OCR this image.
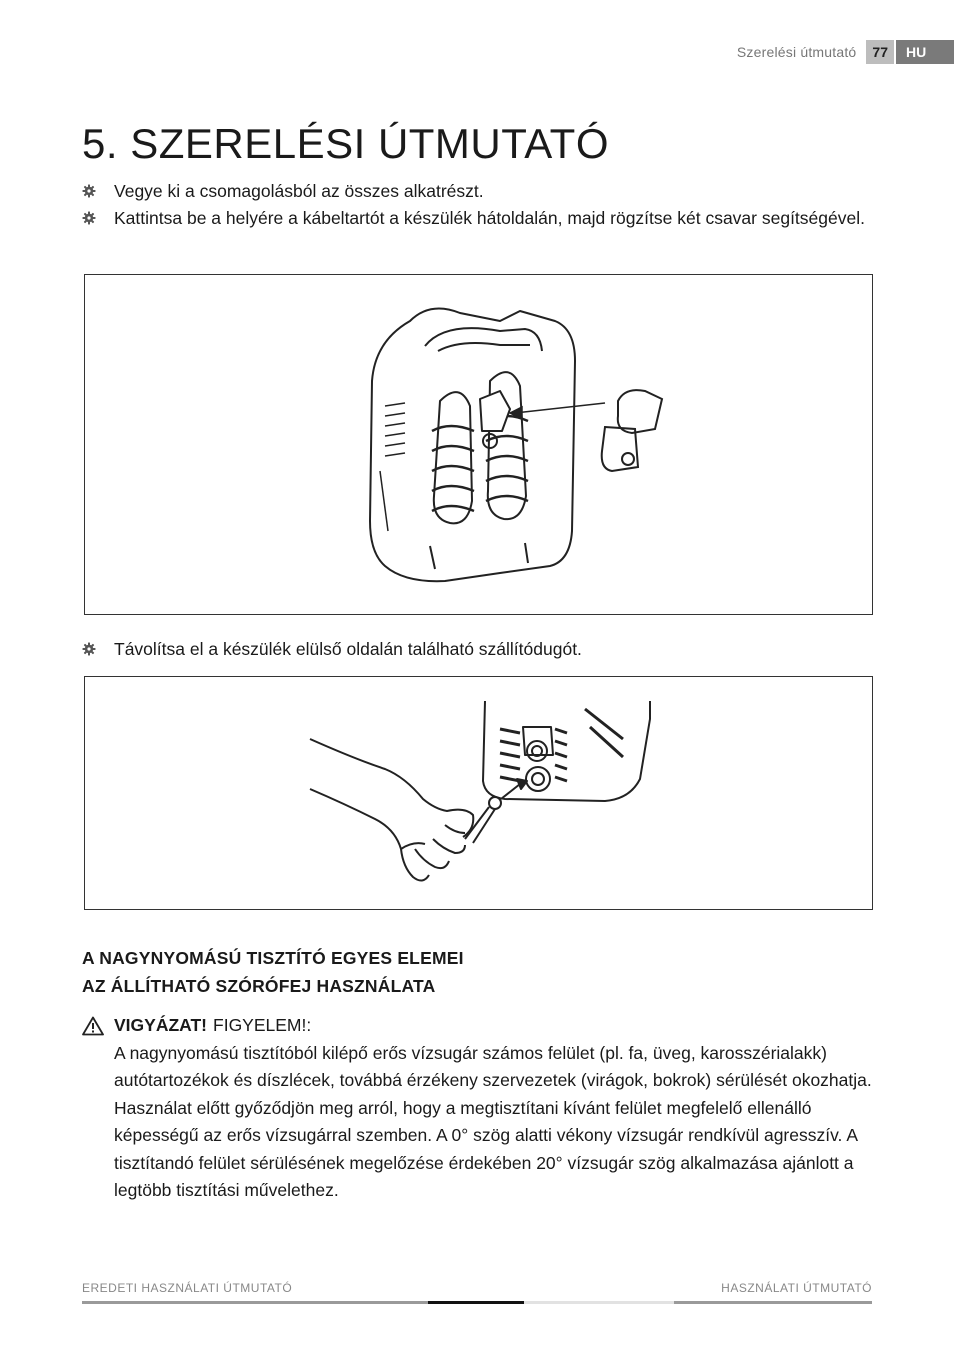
Szerelési útmutató	77	HU
5. SZERELÉSI ÚTMUTATÓ
Vegye ki a csomagolásból az összes alkatrészt.
Kattintsa be a helyére a kábeltartót a készülék hátoldalán, majd rögzítse két csavar segítségével.
Távolítsa el a készülék elülső oldalán található szállítódugót.
A NAGYNYOMÁSÚ TISZTÍTÓ EGYES ELEMEI
AZ ÁLLÍTHATÓ SZÓRÓFEJ HASZNÁLATA
VIGYÁZAT! FIGYELEM!:

A nagynyomású tisztítóból kilépő erős vízsugár számos felület (pl. fa, üveg, karosszérialakk) autótartozékok és díszlécek, továbbá érzékeny szervezetek (virágok, bokrok) sérülését okozhatja. Használat előtt győződjön meg arról, hogy a megtisztítani kívánt felület megfelelő ellenálló képességű az erős vízsugárral szemben. A 0° szög alatti vékony vízsugár rendkívül agresszív. A tisztítandó felület sérülésének megelőzése érdekében 20° vízsugár szög alkalmazása ajánlott a legtöbb tisztítási művelethez.

EREDETI HASZNÁLATI ÚTMUTATÓ	HASZNÁLATI ÚTMUTATÓ
